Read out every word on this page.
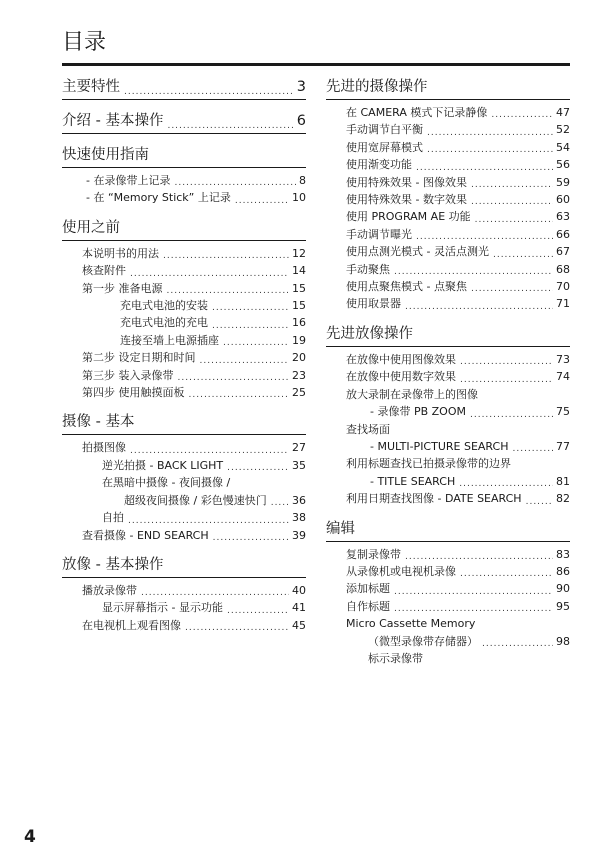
目录
主要特性 .....	3
介绍 - 基本操作 .....	6
快速使用指南
- 在录像带上记录 .....	8
- 在 “Memory Stick” 上记录 .....	10
使用之前
本说明书的用法 .....	12
核查附件 .....	14
第一步 准备电源 .....	15
充电式电池的安装 .....	15
充电式电池的充电 .....	16
连接至墙上电源插座 .....	19
第二步 设定日期和时间 .....	20
第三步 装入录像带 .....	23
第四步 使用触摸面板 .....	25
摄像 - 基本
拍摄图像 .....	27
逆光拍摄 - BACK LIGHT .....	35
在黑暗中摄像 - 夜间摄像 /
超级夜间摄像 / 彩色慢速快门 ..... 36
自拍 .....	38
查看摄像 - END SEARCH .....	39
放像 - 基本操作
播放录像带 .....	40
显示屏幕指示 - 显示功能 .....	41
在电视机上观看图像 .....	45
先进的摄像操作
在 CAMERA 模式下记录静像 .....	47
手动调节白平衡 .....	52
使用宽屏幕模式 .....	54
使用渐变功能 .....	56
使用特殊效果 - 图像效果 .....	59
使用特殊效果 - 数字效果 .....	60
使用 PROGRAM AE 功能 .....	63
手动调节曝光 .....	66
使用点测光模式 - 灵活点测光 .....	67
手动聚焦 .....	68
使用点聚焦模式 - 点聚焦 .....	70
使用取景器 .....	71
先进放像操作
在放像中使用图像效果 .....	73
在放像中使用数字效果 .....	74
放大录制在录像带上的图像
- 录像带 PB ZOOM .....	75
查找场面
- MULTI-PICTURE SEARCH .....	77
利用标题查找已拍摄录像带的边界
- TITLE SEARCH .....	81
利用日期查找图像 - DATE SEARCH .....	82
编辑
复制录像带 .....	83
从录像机或电视机录像 .....	86
添加标题 .....	90
自作标题 .....	95
Micro Cassette Memory
（微型录像带存储器） .....	98
标示录像带
4
